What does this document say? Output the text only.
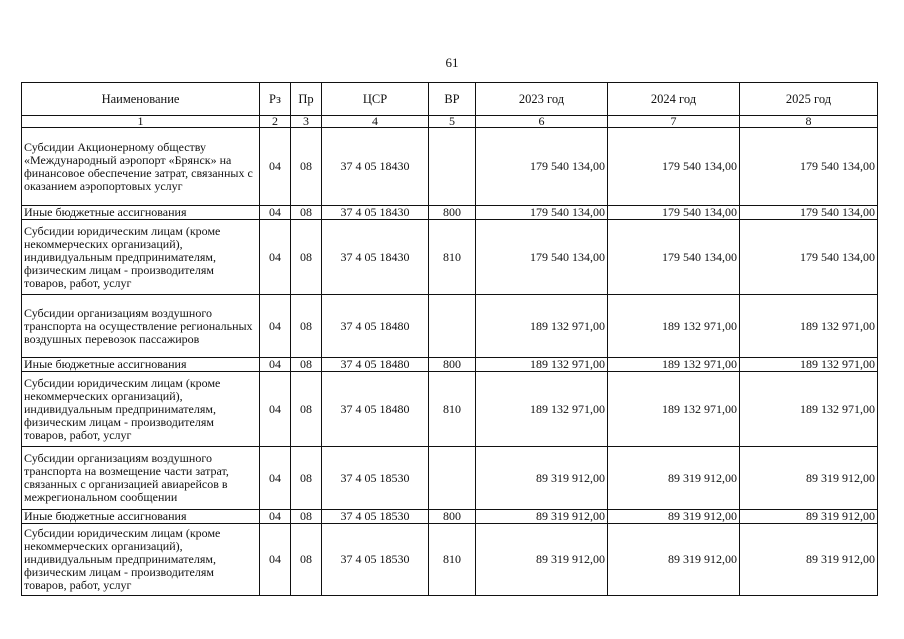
61
Наименование	Рз	Пр	ЦСР	ВР	2023 год	2024 год	2025 год
1	2	3	4	5	6	7	8
Субсидии Акционерному обществу «Международный аэропорт «Брянск» на финансовое обеспечение затрат, связанных с оказанием аэропортовых услуг	04	08	37 4 05 18430		179 540 134,00	179 540 134,00	179 540 134,00
Иные бюджетные ассигнования	04	08	37 4 05 18430	800	179 540 134,00	179 540 134,00	179 540 134,00
Субсидии юридическим лицам (кроме некоммерческих организаций), индивидуальным предпринимателям, физическим лицам - производителям товаров, работ, услуг	04	08	37 4 05 18430	810	179 540 134,00	179 540 134,00	179 540 134,00
Субсидии организациям воздушного транспорта на осуществление региональных воздушных перевозок пассажиров	04	08	37 4 05 18480		189 132 971,00	189 132 971,00	189 132 971,00
Иные бюджетные ассигнования	04	08	37 4 05 18480	800	189 132 971,00	189 132 971,00	189 132 971,00
Субсидии юридическим лицам (кроме некоммерческих организаций), индивидуальным предпринимателям, физическим лицам - производителям товаров, работ, услуг	04	08	37 4 05 18480	810	189 132 971,00	189 132 971,00	189 132 971,00
Субсидии организациям воздушного транспорта на возмещение части затрат, связанных с организацией авиарейсов в межрегиональном сообщении	04	08	37 4 05 18530		89 319 912,00	89 319 912,00	89 319 912,00
Иные бюджетные ассигнования	04	08	37 4 05 18530	800	89 319 912,00	89 319 912,00	89 319 912,00
Субсидии юридическим лицам (кроме некоммерческих организаций), индивидуальным предпринимателям, физическим лицам - производителям товаров, работ, услуг	04	08	37 4 05 18530	810	89 319 912,00	89 319 912,00	89 319 912,00
